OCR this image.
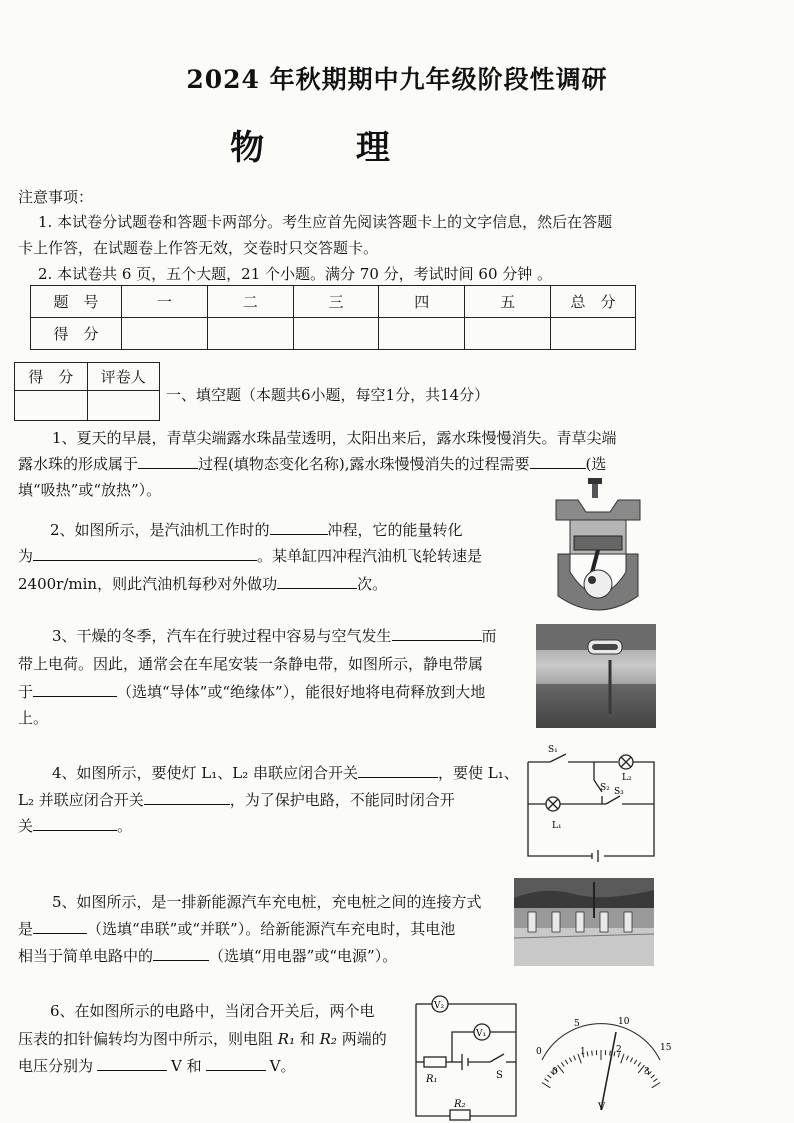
2024 年秋期期中九年级阶段性调研
物 理
注意事项：
1. 本试卷分试题卷和答题卡两部分。考生应首先阅读答题卡上的文字信息，然后在答题
卡上作答，在试题卷上作答无效，交卷时只交答题卡。
2. 本试卷共 6 页，五个大题，21 个小题。满分 70 分，考试时间 60 分钟 。
题　号	一	二	三	四	五	总　分
得　分						
得　分	评卷人

一、填空题（本题共6小题，每空1分，共14分）
1、夏天的早晨，青草尖端露水珠晶莹透明，太阳出来后，露水珠慢慢消失。青草尖端
露水珠的形成属于	过程(填物态变化名称),露水珠慢慢消失的过程需要	(选
填“吸热”或“放热”）。
2、如图所示，是汽油机工作时的	冲程，它的能量转化
为	。某单缸四冲程汽油机飞轮转速是
2400r/min，则此汽油机每秒对外做功	次。
3、干燥的冬季，汽车在行驶过程中容易与空气发生	而
带上电荷。因此，通常会在车尾安装一条静电带，如图所示，静电带属
于	（选填“导体”或“绝缘体”），能很好地将电荷释放到大地
上。
4、如图所示，要使灯 L₁、L₂ 串联应闭合开关	，要使 L₁、
L₂ 并联应闭合开关	，为了保护电路，不能同时闭合开
关	。
S₁
S₂ S₃
L₂
L₁
5、如图所示，是一排新能源汽车充电桩，充电桩之间的连接方式
是	（选填“串联”或“并联”）。给新能源汽车充电时，其电池
相当于简单电路中的	（选填“用电器”或“电源”）。
6、在如图所示的电路中，当闭合开关后，两个电
压表的扣针偏转均为图中所示，则电阻 R₁ 和 R₂ 两端的
电压分别为	V 和	V。
V₂
V₁
R₁	S
R₂
0
5	10
15
0
1	2
3
V
